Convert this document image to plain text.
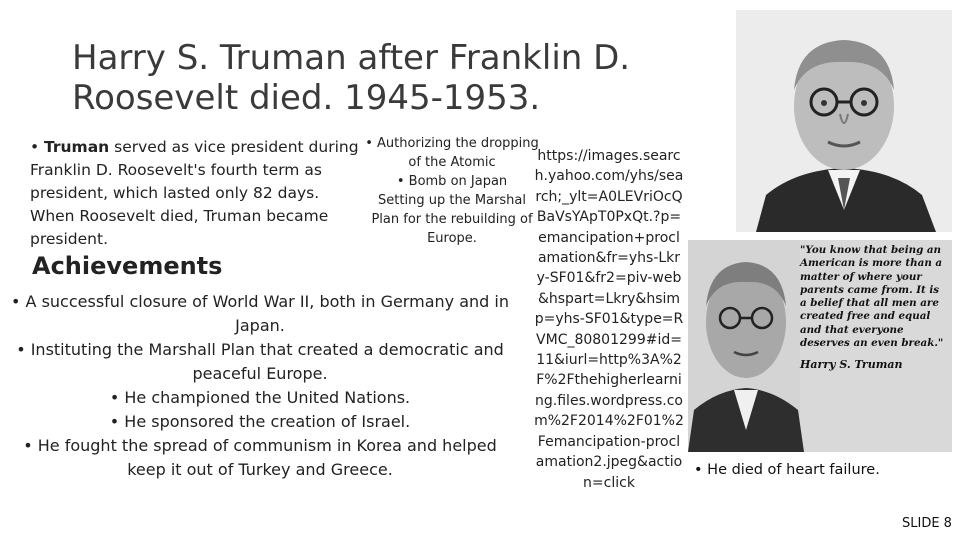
Harry S. Truman after Franklin D.
Roosevelt died. 1945-1953.
• Truman served as vice president during Franklin D. Roosevelt's fourth term as president, which lasted only 82 days. When Roosevelt died, Truman became president.
Achievements
• A successful closure of World War II, both in Germany and in Japan.
• Instituting the Marshall Plan that created a democratic and peaceful Europe.
• He championed the United Nations.
• He sponsored the creation of Israel.
• He fought the spread of communism in Korea and helped keep it out of Turkey and Greece.
• Authorizing the dropping
of the Atomic
• Bomb on Japan
Setting up the Marshal
Plan for the rebuilding of
Europe.
https://images.search.yahoo.com/yhs/search;_ylt=A0LEVriOcQBaVsYApT0PxQt.?p=emancipation+proclamation&fr=yhs-Lkry-SF01&fr2=piv-web&hspart=Lkry&hsimp=yhs-SF01&type=RVMC_80801299#id=11&iurl=http%3A%2F%2Fthehigherlearning.files.wordpress.com%2F2014%2F01%2Femancipation-proclamation2.jpeg&action=click
"You know that being an American is more than a matter of where your parents came from. It is a belief that all men are created free and equal and that everyone deserves an even break."
Harry S. Truman
• He died of heart failure.
SLIDE 8
